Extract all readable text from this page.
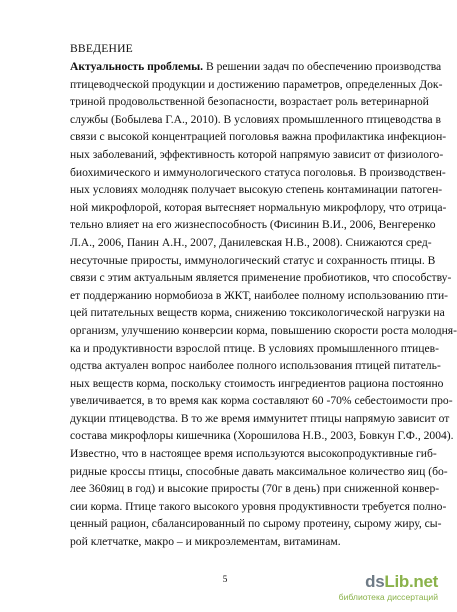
ВВЕДЕНИЕ
Актуальность проблемы. В решении задач по обеспечению производства
птицеводческой продукции и достижению параметров, определенных Док-
триной продовольственной безопасности, возрастает роль ветеринарной
службы (Бобылева Г.А., 2010). В условиях промышленного птицеводства в
связи с высокой концентрацией поголовья важна профилактика инфекцион-
ных заболеваний, эффективность которой напрямую зависит от физиолого-
биохимического и иммунологического статуса поголовья. В производствен-
ных условиях молодняк получает высокую степень контаминации патоген-
ной микрофлорой, которая вытесняет нормальную микрофлору, что отрица-
тельно влияет на его жизнеспособность (Фисинин В.И., 2006, Венгеренко
Л.А., 2006, Панин А.Н., 2007, Данилевская Н.В., 2008). Снижаются сред-
несуточные приросты, иммунологический статус и сохранность птицы. В
связи с этим актуальным является применение пробиотиков, что способству-
ет поддержанию нормобиоза в ЖКТ, наиболее полному использованию пти-
цей питательных веществ корма, снижению токсикологической нагрузки на
организм, улучшению конверсии корма, повышению скорости роста молодня-
ка и продуктивности взрослой птице. В условиях промышленного птицев-
одства актуален вопрос наиболее полного использования птицей питатель-
ных веществ корма, поскольку стоимость ингредиентов рациона постоянно
увеличивается, в то время как корма составляют 60 -70% себестоимости про-
дукции птицеводства. В то же время иммунитет птицы напрямую зависит от
состава микрофлоры кишечника (Хорошилова Н.В., 2003, Бовкун Г.Ф., 2004).
Известно, что в настоящее время используются высокопродуктивные гиб-
ридные кроссы птицы, способные давать максимальное количество яиц (бо-
лее 360яиц в год) и высокие приросты (70г в день) при сниженной конвер-
сии корма. Птице такого высокого уровня продуктивности требуется полно-
ценный рацион, сбалансированный по сырому протеину, сырому жиру, сы-
рой клетчатке, макро – и микроэлементам, витаминам.
5	dsLib.net
библиотека диссертаций
